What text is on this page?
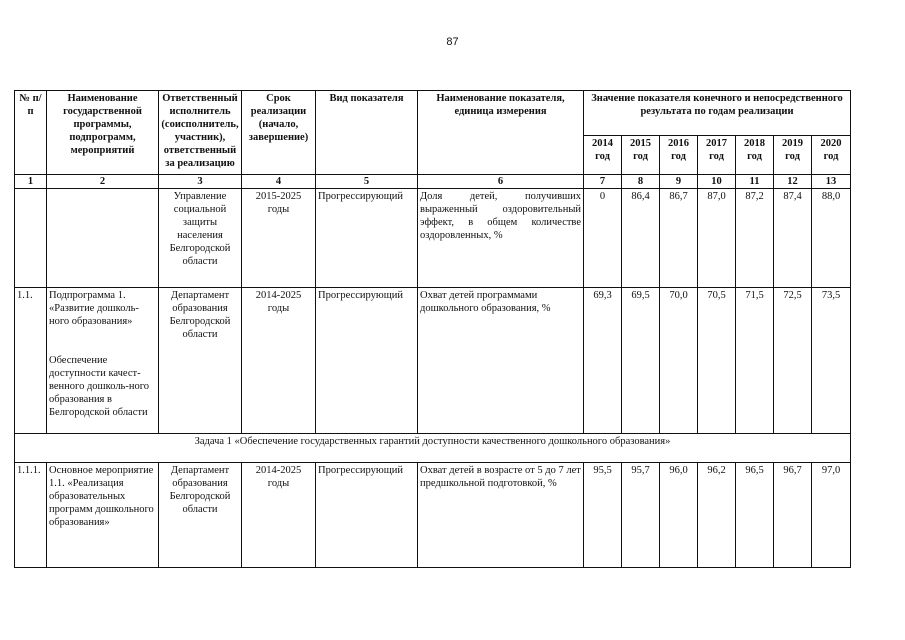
87
№ п/п	Наименование государственной программы, подпрограмм, мероприятий	Ответственный исполнитель (соисполнитель, участник), ответственный за реализацию	Срок реализации (начало, завершение)	Вид показателя	Наименование показателя, единица измерения	Значение показателя конечного и непосредственного результата по годам реализации						
						2014 год	2015 год	2016 год	2017 год	2018 год	2019 год	2020 год
1	2	3	4	5	6	7	8	9	10	11	12	13
		Управление социальной защиты населения Белгородской области	2015-2025 годы	Прогрессирующий	Доля детей, получивших выраженный оздоровительный эффект, в общем количестве оздоровленных, %	0	86,4	86,7	87,0	87,2	87,4	88,0
1.1.	Подпрограмма 1. «Развитие дошколь-ного образования»
Обеспечение доступности качест-венного дошколь-ного образования в Белгородской области	Департамент образования Белгородской области	2014-2025 годы	Прогрессирующий	Охват детей программами дошкольного образования, %	69,3	69,5	70,0	70,5	71,5	72,5	73,5
Задача 1 «Обеспечение государственных гарантий доступности качественного дошкольного образования»												
1.1.1.	Основное мероприятие 1.1. «Реализация образовательных программ дошкольного образования»	Департамент образования Белгородской области	2014-2025 годы	Прогрессирующий	Охват детей в возрасте от 5 до 7 лет предшкольной подготовкой, %	95,5	95,7	96,0	96,2	96,5	96,7	97,0
